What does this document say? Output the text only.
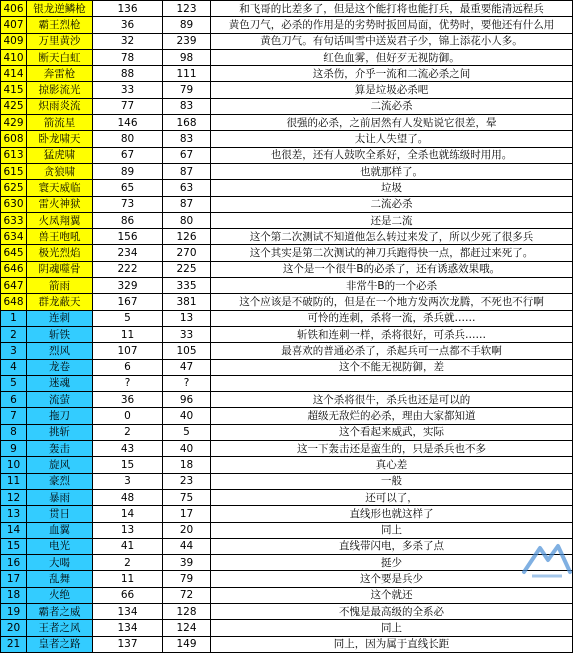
406	银龙逆鳞枪	136	123	和飞哥的比差多了，但是这个能打将也能打兵，最重要能清远程兵
407	霸王烈枪	36	89	黄色刀气，必杀的作用是的劣势时扳回局面，优势时，要他还有什么用
409	万里黄沙	32	239	黄色刀气。有句话叫雪中送炭君子少，锦上添花小人多。
410	断天白虹	78	98	红色血雾，但好歹无视防御。
414	奔雷枪	88	111	这杀伤，介乎一流和二流必杀之间
415	掠影流光	33	79	算是垃圾必杀吧
425	炽雨炎流	77	83	二流必杀
429	箭流星	146	168	很强的必杀，之前居然有人发贴说它很差，晕
608	卧龙啸天	80	83	太让人失望了。
613	猛虎啸	67	67	也很差，还有人鼓吹全系好，全杀也就练级时用用。
615	贪狼啸	89	87	也就那样了。
625	寰天威临	65	63	垃圾
630	雷火神狱	73	87	二流必杀
633	火凤翔翼	86	80	还是二流
634	兽王咆吼	156	126	这个第二次测试不知道他怎么转过来发了，所以少死了很多兵
645	极光烈焰	234	270	这个其实是第二次测试的神刀兵跑得快一点，都赶过来死了。
646	阴魂噬骨	222	225	这个是一个很牛B的必杀了，还有诱惑效果哦。
647	箭雨	329	335	非常牛B的一个必杀
648	群龙蔽天	167	381	这个应该是不破防的，但是在一个地方发两次龙腾，不死也不行啊
1	连刺	5	13	可怜的连刺，杀将一流，杀兵就……
2	斩铁	11	33	斩铁和连刺一样，杀将很好，可杀兵……
3	烈风	107	105	最喜欢的普通必杀了，杀起兵可一点都不手软啊
4	龙卷	6	47	这个不能无视防御，差
5	迷魂	?	?	
6	流萤	36	96	这个杀将很牛，杀兵也还是可以的
7	拖刀	0	40	超级无敌烂的必杀，理由大家都知道
8	挑斩	2	5	这个看起来威武，实际
9	轰击	43	40	这一下轰击还是蛮生的，只是杀兵也不多
10	旋风	15	18	真心差
11	豪烈	3	23	一般
12	暴雨	48	75	还可以了，
13	贯日	14	17	直线形也就这样了
14	血翼	13	20	同上
15	电光	41	44	直线带闪电，多杀了点
16	大喝	2	39	挺少
17	乱舞	11	79	这个要是兵少
18	火绝	66	72	这个就还
19	霸者之威	134	128	不愧是最高级的全系必
20	王者之风	134	124	同上
21	皇者之路	137	149	同上，因为属于直线长距
